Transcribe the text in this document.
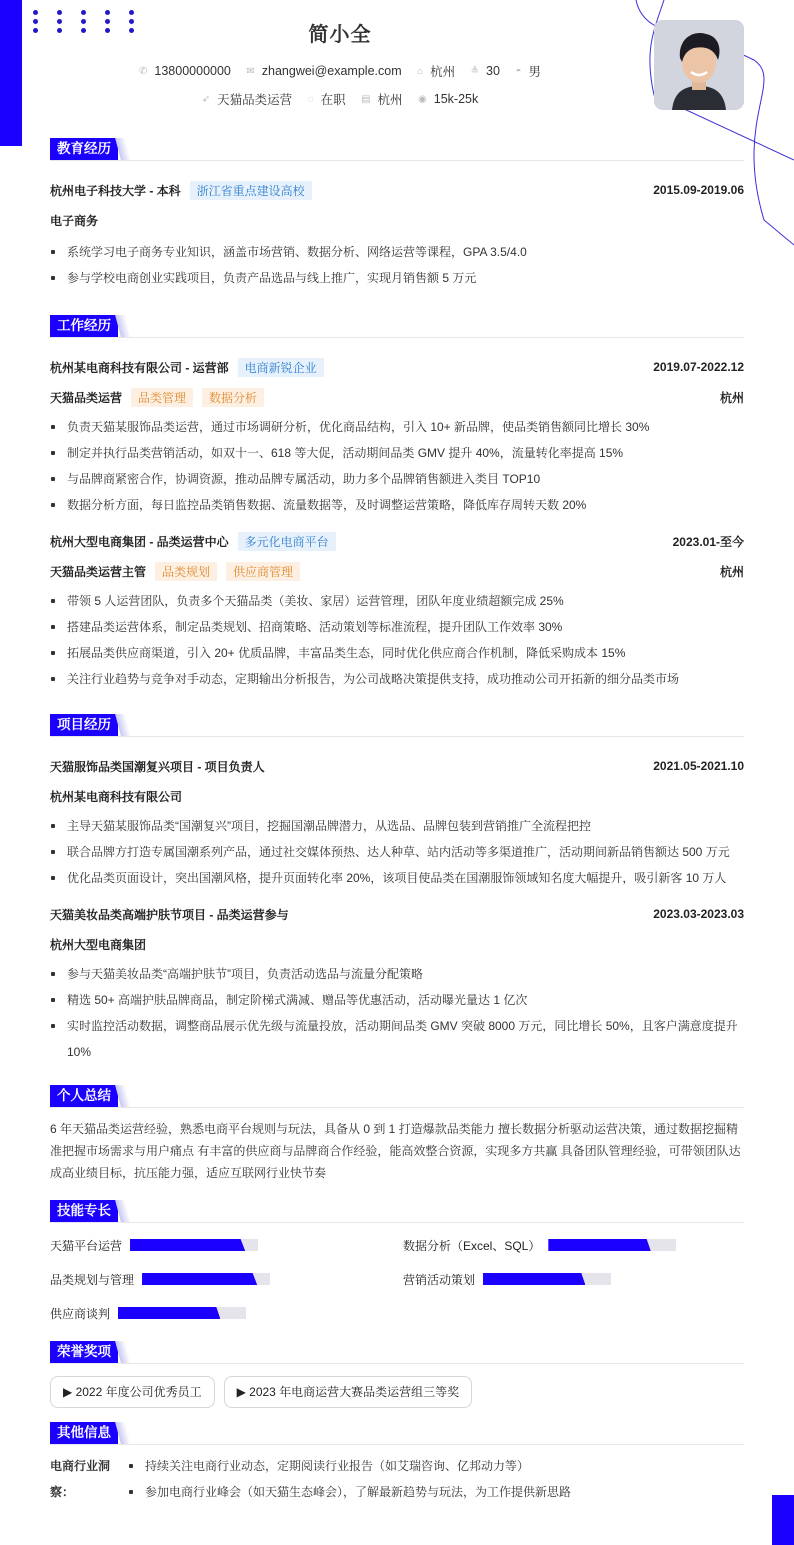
简小全
✆ 13800000000
✉ zhangwei@example.com
⌂ 杭州
≜ 30
◓ 男
➶ 天猫品类运营
◌ 在职
▤ 杭州
◉ 15k-25k
教育经历
杭州电子科技大学 - 本科	浙江省重点建设高校	2015.09-2019.06
电子商务
系统学习电子商务专业知识，涵盖市场营销、数据分析、网络运营等课程，GPA 3.5/4.0
参与学校电商创业实践项目，负责产品选品与线上推广，实现月销售额 5 万元
工作经历
杭州某电商科技有限公司 - 运营部	电商新锐企业	2019.07-2022.12
天猫品类运营	品类管理	数据分析	杭州
负责天猫某服饰品类运营，通过市场调研分析，优化商品结构，引入 10+ 新品牌，使品类销售额同比增长 30%
制定并执行品类营销活动，如双十一、618 等大促，活动期间品类 GMV 提升 40%，流量转化率提高 15%
与品牌商紧密合作，协调资源，推动品牌专属活动，助力多个品牌销售额进入类目 TOP10
数据分析方面，每日监控品类销售数据、流量数据等，及时调整运营策略，降低库存周转天数 20%
杭州大型电商集团 - 品类运营中心	多元化电商平台	2023.01-至今
天猫品类运营主管	品类规划	供应商管理	杭州
带领 5 人运营团队，负责多个天猫品类（美妆、家居）运营管理，团队年度业绩超额完成 25%
搭建品类运营体系，制定品类规划、招商策略、活动策划等标准流程，提升团队工作效率 30%
拓展品类供应商渠道，引入 20+ 优质品牌，丰富品类生态，同时优化供应商合作机制，降低采购成本 15%
关注行业趋势与竞争对手动态，定期输出分析报告，为公司战略决策提供支持，成功推动公司开拓新的细分品类市场
项目经历
天猫服饰品类国潮复兴项目 - 项目负责人	2021.05-2021.10
杭州某电商科技有限公司
主导天猫某服饰品类“国潮复兴”项目，挖掘国潮品牌潜力，从选品、品牌包装到营销推广全流程把控
联合品牌方打造专属国潮系列产品，通过社交媒体预热、达人种草、站内活动等多渠道推广，活动期间新品销售额达 500 万元
优化品类页面设计，突出国潮风格，提升页面转化率 20%，该项目使品类在国潮服饰领域知名度大幅提升，吸引新客 10 万人
天猫美妆品类高端护肤节项目 - 品类运营参与	2023.03-2023.03
杭州大型电商集团
参与天猫美妆品类“高端护肤节”项目，负责活动选品与流量分配策略
精选 50+ 高端护肤品牌商品，制定阶梯式满减、赠品等优惠活动，活动曝光量达 1 亿次
实时监控活动数据，调整商品展示优先级与流量投放，活动期间品类 GMV 突破 8000 万元，同比增长 50%，且客户满意度提升 10%
个人总结
6 年天猫品类运营经验，熟悉电商平台规则与玩法，具备从 0 到 1 打造爆款品类能力 擅长数据分析驱动运营决策，通过数据挖掘精准把握市场需求与用户痛点 有丰富的供应商与品牌商合作经验，能高效整合资源，实现多方共赢 具备团队管理经验，可带领团队达成高业绩目标，抗压能力强，适应互联网行业快节奏
技能专长
天猫平台运营	数据分析（Excel、SQL）
品类规划与管理	营销活动策划
供应商谈判
荣誉奖项
▶ 2022 年度公司优秀员工	▶ 2023 年电商运营大赛品类运营组三等奖
其他信息
电商行业洞察：
持续关注电商行业动态，定期阅读行业报告（如艾瑞咨询、亿邦动力等）
参加电商行业峰会（如天猫生态峰会），了解最新趋势与玩法，为工作提供新思路
